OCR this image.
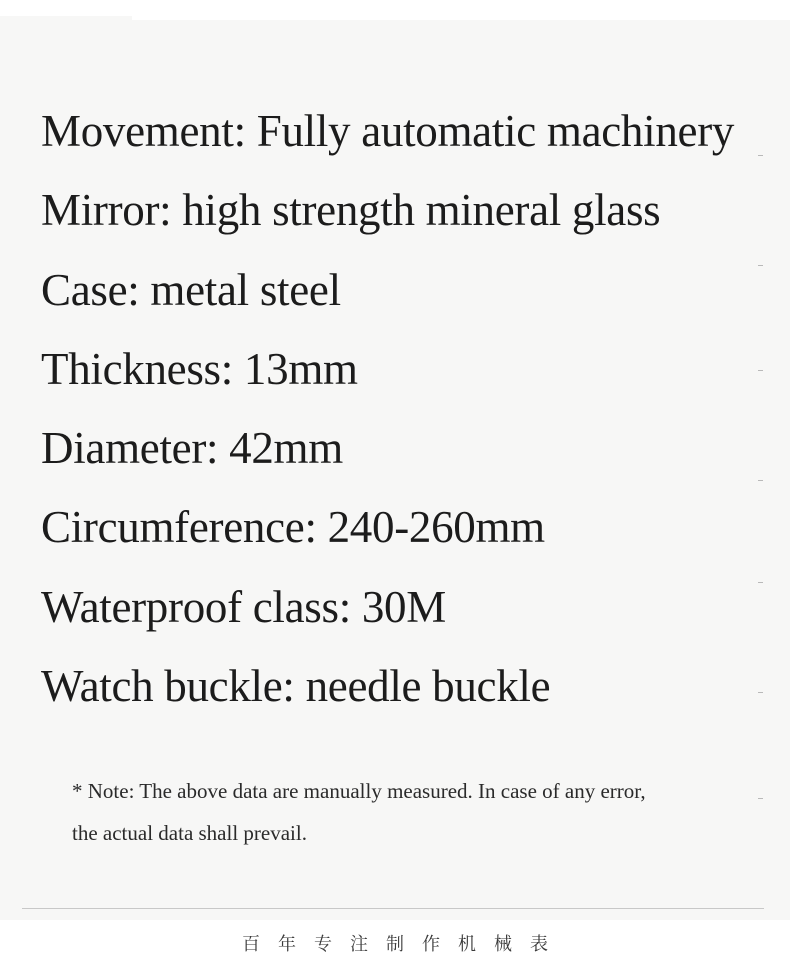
Movement: Fully automatic machinery
Mirror: high strength mineral glass
Case: metal steel
Thickness: 13mm
Diameter: 42mm
Circumference: 240-260mm
Waterproof class: 30M
Watch buckle: needle buckle
* Note: The above data are manually measured. In case of any error,
the actual data shall prevail.
百年专注制作机械表
